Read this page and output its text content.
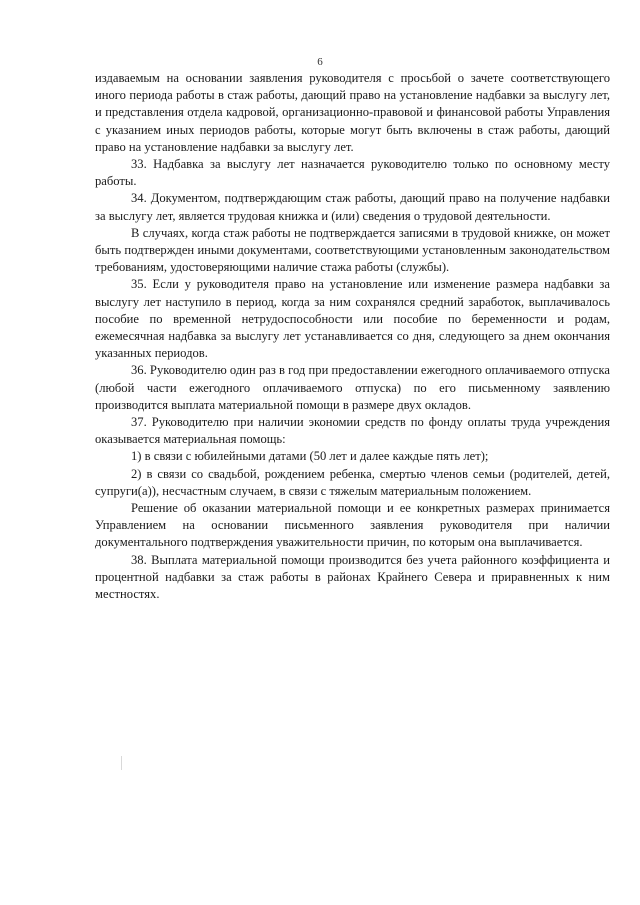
6

издаваемым на основании заявления руководителя с просьбой о зачете соответствующего иного периода работы в стаж работы, дающий право на установление надбавки за выслугу лет, и представления отдела кадровой, организационно-правовой и финансовой работы Управления с указанием иных периодов работы, которые могут быть включены в стаж работы, дающий право на установление надбавки за выслугу лет.

33. Надбавка за выслугу лет назначается руководителю только по основному месту работы.

34. Документом, подтверждающим стаж работы, дающий право на получение надбавки за выслугу лет, является трудовая книжка и (или) сведения о трудовой деятельности.

В случаях, когда стаж работы не подтверждается записями в трудовой книжке, он может быть подтвержден иными документами, соответствующими установленным законодательством требованиям, удостоверяющими наличие стажа работы (службы).

35. Если у руководителя право на установление или изменение размера надбавки за выслугу лет наступило в период, когда за ним сохранялся средний заработок, выплачивалось пособие по временной нетрудоспособности или пособие по беременности и родам, ежемесячная надбавка за выслугу лет устанавливается со дня, следующего за днем окончания указанных периодов.

36. Руководителю один раз в год при предоставлении ежегодного оплачиваемого отпуска (любой части ежегодного оплачиваемого отпуска) по его письменному заявлению производится выплата материальной помощи в размере двух окладов.

37. Руководителю при наличии экономии средств по фонду оплаты труда учреждения оказывается материальная помощь:

1) в связи с юбилейными датами (50 лет и далее каждые пять лет);

2) в связи со свадьбой, рождением ребенка, смертью членов семьи (родителей, детей, супруги(а)), несчастным случаем, в связи с тяжелым материальным положением.

Решение об оказании материальной помощи и ее конкретных размерах принимается Управлением на основании письменного заявления руководителя при наличии документального подтверждения уважительности причин, по которым она выплачивается.

38. Выплата материальной помощи производится без учета районного коэффициента и процентной надбавки за стаж работы в районах Крайнего Севера и приравненных к ним местностях.
